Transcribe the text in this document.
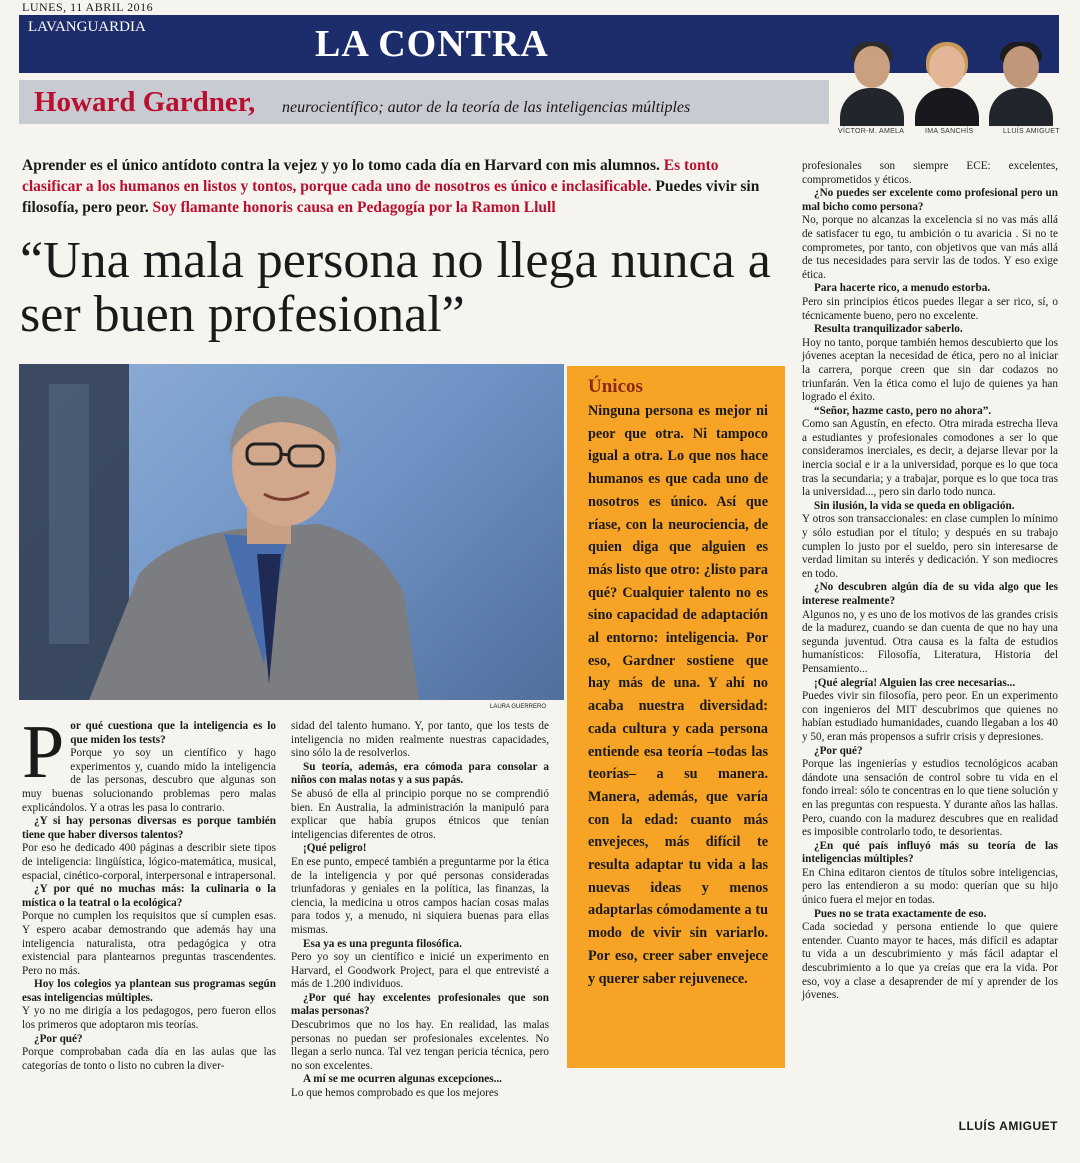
LUNES, 11 ABRIL 2016
LAVANGUARDIA	LA CONTRA
Howard Gardner, neurocientífico; autor de la teoría de las inteligencias múltiples
VÍCTOR-M. AMELA	IMA SANCHÍS	LLUÍS AMIGUET
Aprender es el único antídoto contra la vejez y yo lo tomo cada día en Harvard con mis alumnos. Es tonto clasificar a los humanos en listos y tontos, porque cada uno de nosotros es único e inclasificable. Puedes vivir sin filosofía, pero peor. Soy flamante honoris causa en Pedagogía por la Ramon Llull
“Una mala persona no llega nunca a ser buen profesional”
LAURA GUERRERO
Únicos
Ninguna persona es mejor ni peor que otra. Ni tampoco igual a otra. Lo que nos hace humanos es que cada uno de nosotros es único. Así que ríase, con la neurociencia, de quien diga que alguien es más listo que otro: ¿listo para qué? Cualquier talento no es sino capacidad de adaptación al entorno: inteligencia. Por eso, Gardner sostiene que hay más de una. Y ahí no acaba nuestra diversidad: cada cultura y cada persona entiende esa teoría –todas las teorías– a su manera. Manera, además, que varía con la edad: cuanto más envejeces, más difícil te resulta adaptar tu vida a las nuevas ideas y menos adaptarlas cómodamente a tu modo de vivir sin variarlo. Por eso, creer saber envejece y querer saber rejuvenece.
P or qué cuestiona que la inteligencia es lo que miden los tests?

Porque yo soy un científico y hago experimentos y, cuando mido la inteligencia de las personas, descubro que algunas son muy buenas solucionando problemas pero malas explicándolos. Y a otras les pasa lo contrario.

¿Y si hay personas diversas es porque también tiene que haber diversos talentos?

Por eso he dedicado 400 páginas a describir siete tipos de inteligencia: lingüística, lógico-matemática, musical, espacial, cinético-corporal, interpersonal e intrapersonal.

¿Y por qué no muchas más: la culinaria o la mística o la teatral o la ecológica?

Porque no cumplen los requisitos que sí cumplen esas. Y espero acabar demostrando que además hay una inteligencia naturalista, otra pedagógica y otra existencial para plantearnos preguntas trascendentes. Pero no más.

Hoy los colegios ya plantean sus programas según esas inteligencias múltiples.

Y yo no me dirigía a los pedagogos, pero fueron ellos los primeros que adoptaron mis teorías.

¿Por qué?

Porque comprobaban cada día en las aulas que las categorías de tonto o listo no cubren la diver-

sidad del talento humano. Y, por tanto, que los tests de inteligencia no miden realmente nuestras capacidades, sino sólo la de resolverlos.

Su teoría, además, era cómoda para consolar a niños con malas notas y a sus papás.

Se abusó de ella al principio porque no se comprendió bien. En Australia, la administración la manipuló para explicar que había grupos étnicos que tenían inteligencias diferentes de otros.

¡Qué peligro!

En ese punto, empecé también a preguntarme por la ética de la inteligencia y por qué personas consideradas triunfadoras y geniales en la política, las finanzas, la ciencia, la medicina u otros campos hacían cosas malas para todos y, a menudo, ni siquiera buenas para ellas mismas.

Esa ya es una pregunta filosófica.

Pero yo soy un científico e inicié un experimento en Harvard, el Goodwork Project, para el que entrevisté a más de 1.200 individuos.

¿Por qué hay excelentes profesionales que son malas personas?

Descubrimos que no los hay. En realidad, las malas personas no puedan ser profesionales excelentes. No llegan a serlo nunca. Tal vez tengan pericia técnica, pero no son excelentes.

A mí se me ocurren algunas excepciones...

Lo que hemos comprobado es que los mejores

profesionales son siempre ECE: excelentes, comprometidos y éticos.

¿No puedes ser excelente como profesional pero un mal bicho como persona?

No, porque no alcanzas la excelencia si no vas más allá de satisfacer tu ego, tu ambición o tu avaricia . Si no te comprometes, por tanto, con objetivos que van más allá de tus necesidades para servir las de todos. Y eso exige ética.

Para hacerte rico, a menudo estorba.

Pero sin principios éticos puedes llegar a ser rico, sí, o técnicamente bueno, pero no excelente.

Resulta tranquilizador saberlo.

Hoy no tanto, porque también hemos descubierto que los jóvenes aceptan la necesidad de ética, pero no al iniciar la carrera, porque creen que sin dar codazos no triunfarán. Ven la ética como el lujo de quienes ya han logrado el éxito.

“Señor, hazme casto, pero no ahora”.

Como san Agustín, en efecto. Otra mirada estrecha lleva a estudiantes y profesionales comodones a ser lo que consideramos inerciales, es decir, a dejarse llevar por la inercia social e ir a la universidad, porque es lo que toca tras la secundaria; y a trabajar, porque es lo que toca tras la universidad..., pero sin darlo todo nunca.

Sin ilusión, la vida se queda en obligación.

Y otros son transaccionales: en clase cumplen lo mínimo y sólo estudian por el título; y después en su trabajo cumplen lo justo por el sueldo, pero sin interesarse de verdad limitan su interés y dedicación. Y son mediocres en todo.

¿No descubren algún día de su vida algo que les interese realmente?

Algunos no, y es uno de los motivos de las grandes crisis de la madurez, cuando se dan cuenta de que no hay una segunda juventud. Otra causa es la falta de estudios humanísticos: Filosofía, Literatura, Historia del Pensamiento...

¡Qué alegría! Alguien las cree necesarias...

Puedes vivir sin filosofía, pero peor. En un experimento con ingenieros del MIT descubrimos que quienes no habían estudiado humanidades, cuando llegaban a los 40 y 50, eran más propensos a sufrir crisis y depresiones.

¿Por qué?

Porque las ingenierías y estudios tecnológicos acaban dándote una sensación de control sobre tu vida en el fondo irreal: sólo te concentras en lo que tiene solución y en las preguntas con respuesta. Y durante años las hallas. Pero, cuando con la madurez descubres que en realidad es imposible controlarlo todo, te desorientas.

¿En qué país influyó más su teoría de las inteligencias múltiples?

En China editaron cientos de títulos sobre inteligencias, pero las entendieron a su modo: querían que su hijo único fuera el mejor en todas.

Pues no se trata exactamente de eso.

Cada sociedad y persona entiende lo que quiere entender. Cuanto mayor te haces, más difícil es adaptar tu vida a un descubrimiento y más fácil adaptar el descubrimiento a lo que ya creías que era la vida. Por eso, voy a clase a desaprender de mí y aprender de los jóvenes.

LLUÍS AMIGUET
